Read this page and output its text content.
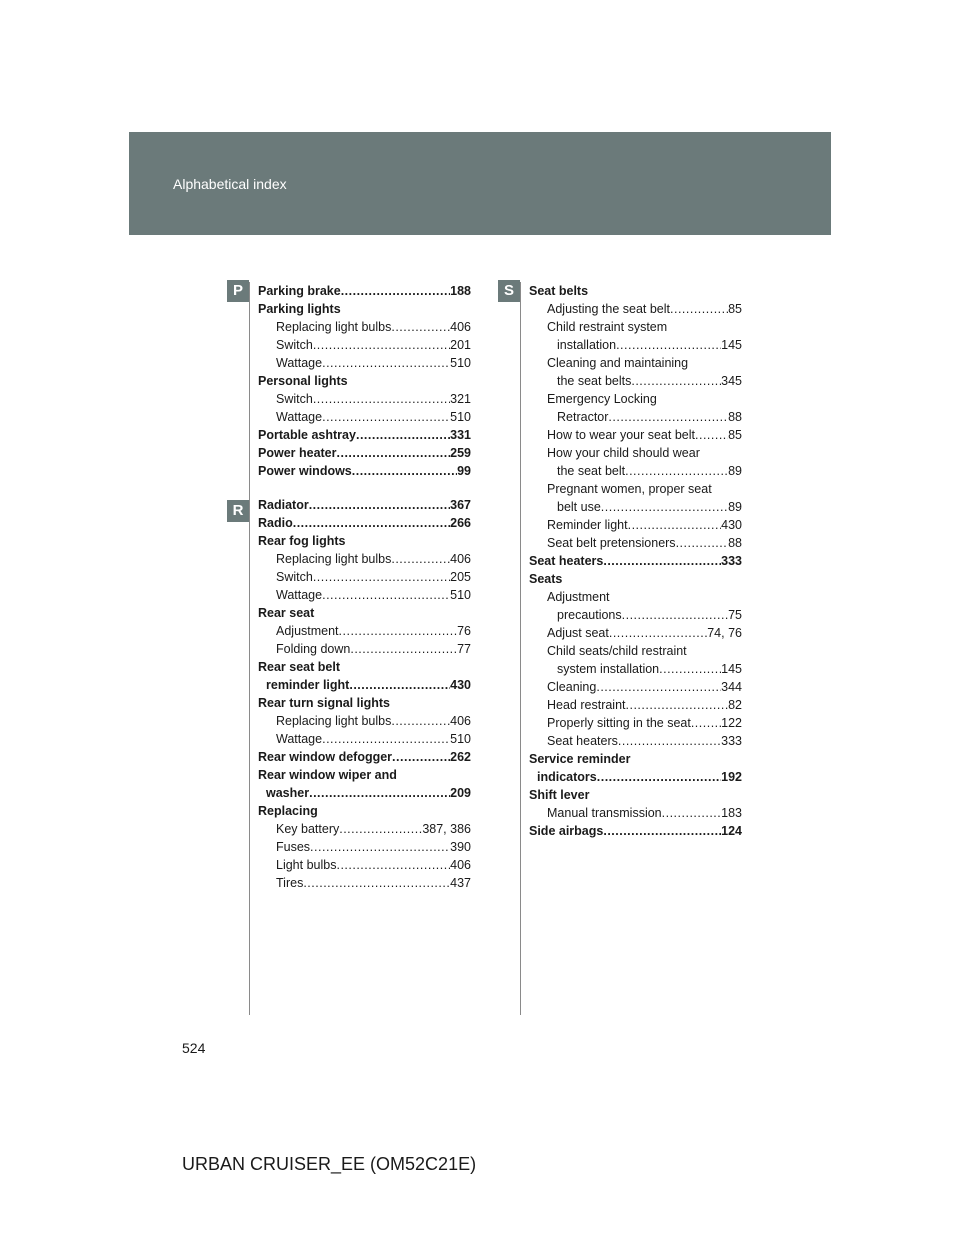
Alphabetical index
P
R
S
Parking brake .....	188
Parking lights
Replacing light bulbs .....	406
Switch .....	201
Wattage .....	510
Personal lights
Switch .....	321
Wattage .....	510
Portable ashtray .....	331
Power heater .....	259
Power windows .....	99
Radiator .....	367
Radio .....	266
Rear fog lights
Replacing light bulbs .....	406
Switch .....	205
Wattage .....	510
Rear seat
Adjustment .....	76
Folding down .....	77
Rear seat belt
reminder light .....	430
Rear turn signal lights
Replacing light bulbs .....	406
Wattage .....	510
Rear window defogger .....	262
Rear window wiper and
washer .....	209
Replacing
Key battery .....	387, 386
Fuses .....	390
Light bulbs .....	406
Tires .....	437
Seat belts
Adjusting the seat belt .....	85
Child restraint system
installation .....	145
Cleaning and maintaining
the seat belts .....	345
Emergency Locking
Retractor .....	88
How to wear your seat belt .....	85
How your child should wear
the seat belt .....	89
Pregnant women, proper seat
belt use .....	89
Reminder light .....	430
Seat belt pretensioners .....	88
Seat heaters .....	333
Seats
Adjustment
precautions .....	75
Adjust seat .....	74, 76
Child seats/child restraint
system installation .....	145
Cleaning .....	344
Head restraint .....	82
Properly sitting in the seat ..... 122
Seat heaters .....	333
Service reminder
indicators .....	192
Shift lever
Manual transmission .....	183
Side airbags .....	124
524
URBAN CRUISER_EE (OM52C21E)
